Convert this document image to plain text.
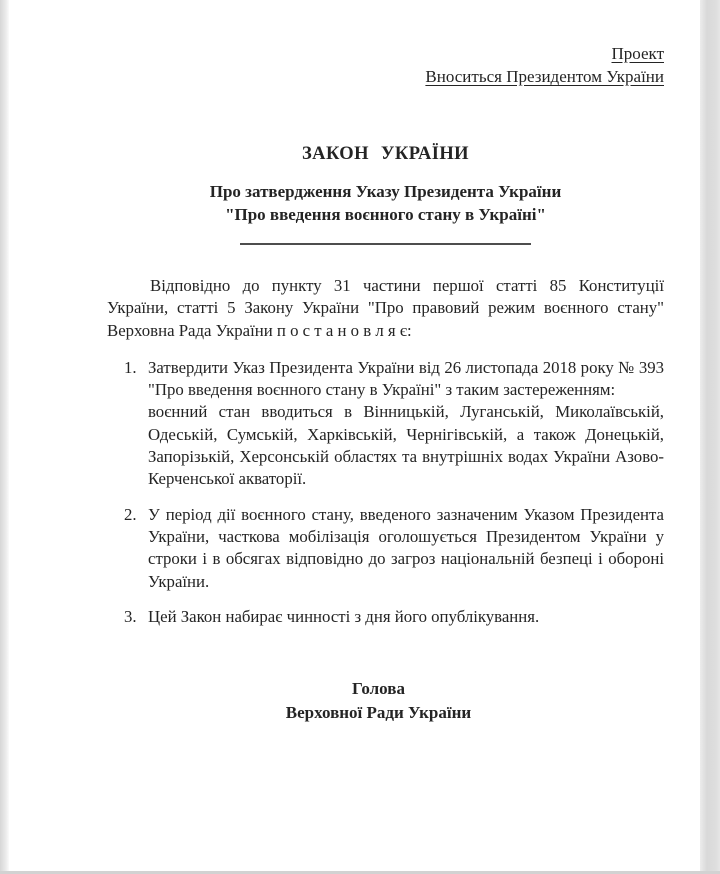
Проект
Вноситься Президентом України
ЗАКОН УКРАЇНИ
Про затвердження Указу Президента України
"Про введення воєнного стану в Україні"

Відповідно до пункту 31 частини першої статті 85 Конституції України, статті 5 Закону України "Про правовий режим воєнного стану" Верховна Рада України п о с т а н о в л я є:

1. Затвердити Указ Президента України від 26 листопада 2018 року № 393 "Про введення воєнного стану в Україні" з таким застереженням:
воєнний стан вводиться в Вінницькій, Луганській, Миколаївській, Одеській, Сумській, Харківській, Чернігівській, а також Донецькій, Запорізькій, Херсонській областях та внутрішніх водах України Азово-Керченської акваторії.
2. У період дії воєнного стану, введеного зазначеним Указом Президента України, часткова мобілізація оголошується Президентом України у строки і в обсягах відповідно до загроз національній безпеці і обороні України.
3. Цей Закон набирає чинності з дня його опублікування.
Голова
Верховної Ради України
